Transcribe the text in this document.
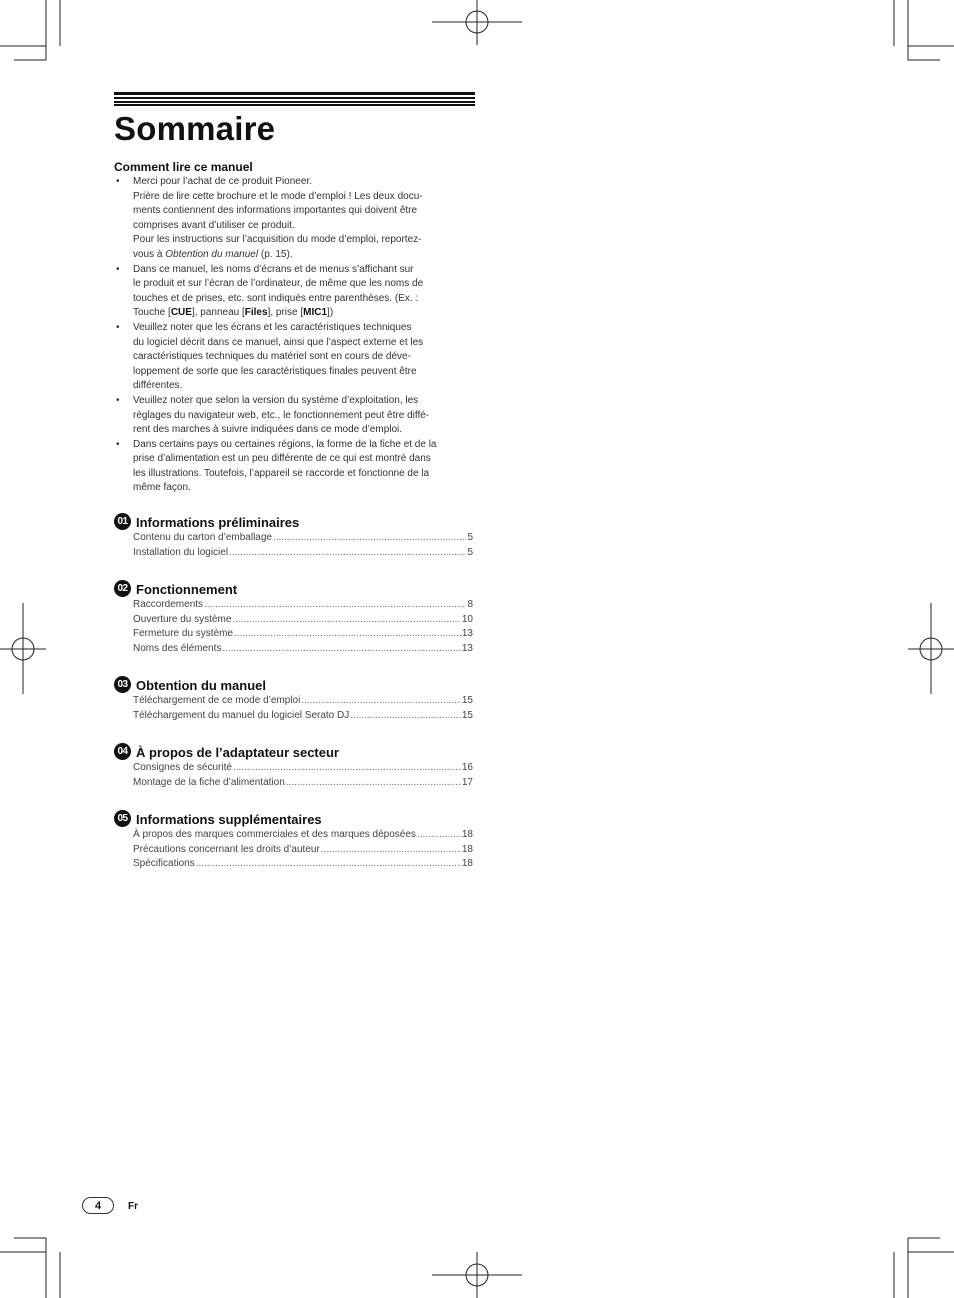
Sommaire
Comment lire ce manuel
• Merci pour l’achat de ce produit Pioneer.
Prière de lire cette brochure et le mode d’emploi ! Les deux docu-
ments contiennent des informations importantes qui doivent être
comprises avant d’utiliser ce produit.
Pour les instructions sur l’acquisition du mode d’emploi, reportez-
vous à Obtention du manuel (p. 15).
• Dans ce manuel, les noms d’écrans et de menus s’affichant sur
le produit et sur l’écran de l’ordinateur, de même que les noms de
touches et de prises, etc. sont indiqués entre parenthèses. (Ex. :
Touche [CUE], panneau [Files], prise [MIC1])
• Veuillez noter que les écrans et les caractéristiques techniques
du logiciel décrit dans ce manuel, ainsi que l’aspect externe et les
caractéristiques techniques du matériel sont en cours de déve-
loppement de sorte que les caractéristiques finales peuvent être
différentes.
• Veuillez noter que selon la version du système d’exploitation, les
réglages du navigateur web, etc., le fonctionnement peut être diffé-
rent des marches à suivre indiquées dans ce mode d’emploi.
• Dans certains pays ou certaines régions, la forme de la fiche et de la
prise d’alimentation est un peu différente de ce qui est montré dans
les illustrations. Toutefois, l’appareil se raccorde et fonctionne de la
même façon.
01 Informations préliminaires
Contenu du carton d’emballage .....	5
Installation du logiciel .....	5
02 Fonctionnement
Raccordements .....	8
Ouverture du système .....	10
Fermeture du système .....	13
Noms des éléments .....	13
03 Obtention du manuel
Téléchargement de ce mode d’emploi .....	15
Téléchargement du manuel du logiciel Serato DJ .....	15
04 À propos de l’adaptateur secteur
Consignes de sécurité .....	16
Montage de la fiche d’alimentation .....	17
05 Informations supplémentaires
À propos des marques commerciales et des marques déposées .....	18
Précautions concernant les droits d’auteur .....	18
Spécifications .....	18
4	Fr
